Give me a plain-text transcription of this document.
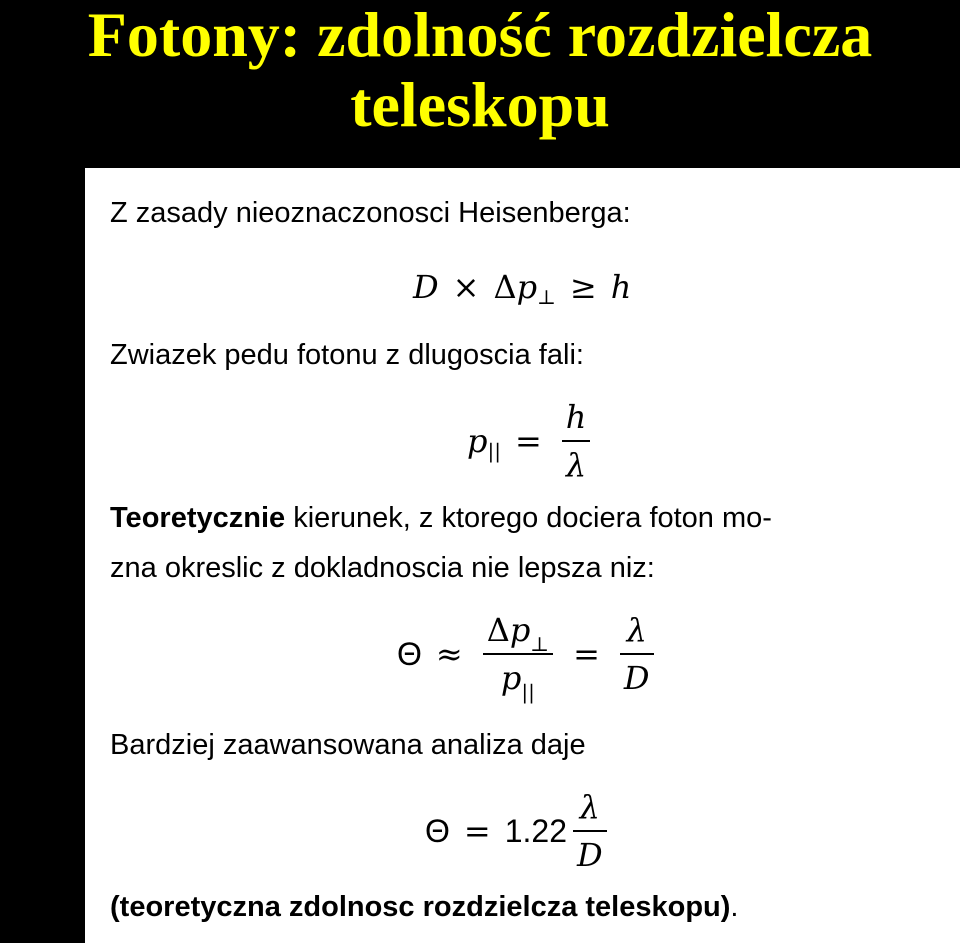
Fotony: zdolność rozdzielcza
teleskopu
Z zasady nieoznaczonosci Heisenberga:
D × Δ p ⊥ ≥ h
Zwiazek pedu fotonu z dlugoscia fali:
p || = $\frac{h}{\lambda}$
Teoretycznie kierunek, z ktorego dociera foton mo-
zna okreslic z dokladnoscia nie lepsza niz:
$\Theta \approx \frac{\Delta p_\perp}{p_{||}} = \frac{\lambda}{D}$
Bardziej zaawansowana analiza daje
$\Theta = 1.22 \frac{\lambda}{D}$
(teoretyczna zdolnosc rozdzielcza teleskopu).
